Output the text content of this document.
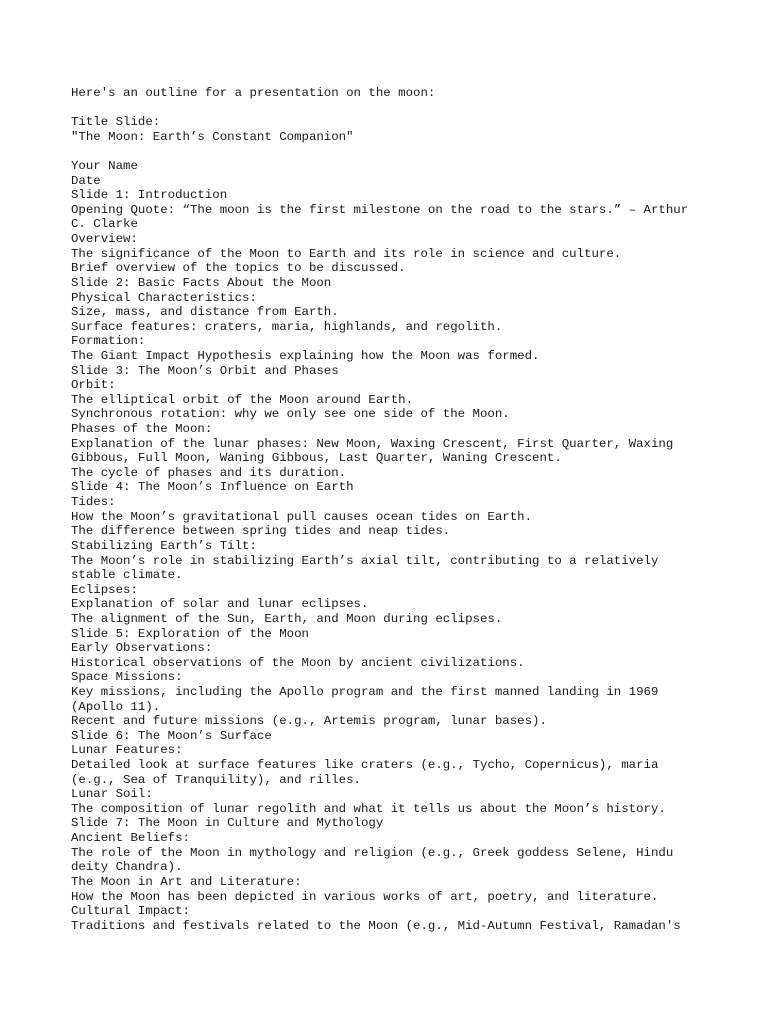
Here's an outline for a presentation on the moon:
Title Slide:
"The Moon: Earth’s Constant Companion"
Your Name
Date
Slide 1: Introduction
Opening Quote: “The moon is the first milestone on the road to the stars.” – Arthur
C. Clarke
Overview:
The significance of the Moon to Earth and its role in science and culture.
Brief overview of the topics to be discussed.
Slide 2: Basic Facts About the Moon
Physical Characteristics:
Size, mass, and distance from Earth.
Surface features: craters, maria, highlands, and regolith.
Formation:
The Giant Impact Hypothesis explaining how the Moon was formed.
Slide 3: The Moon’s Orbit and Phases
Orbit:
The elliptical orbit of the Moon around Earth.
Synchronous rotation: why we only see one side of the Moon.
Phases of the Moon:
Explanation of the lunar phases: New Moon, Waxing Crescent, First Quarter, Waxing
Gibbous, Full Moon, Waning Gibbous, Last Quarter, Waning Crescent.
The cycle of phases and its duration.
Slide 4: The Moon’s Influence on Earth
Tides:
How the Moon’s gravitational pull causes ocean tides on Earth.
The difference between spring tides and neap tides.
Stabilizing Earth’s Tilt:
The Moon’s role in stabilizing Earth’s axial tilt, contributing to a relatively
stable climate.
Eclipses:
Explanation of solar and lunar eclipses.
The alignment of the Sun, Earth, and Moon during eclipses.
Slide 5: Exploration of the Moon
Early Observations:
Historical observations of the Moon by ancient civilizations.
Space Missions:
Key missions, including the Apollo program and the first manned landing in 1969
(Apollo 11).
Recent and future missions (e.g., Artemis program, lunar bases).
Slide 6: The Moon’s Surface
Lunar Features:
Detailed look at surface features like craters (e.g., Tycho, Copernicus), maria
(e.g., Sea of Tranquility), and rilles.
Lunar Soil:
The composition of lunar regolith and what it tells us about the Moon’s history.
Slide 7: The Moon in Culture and Mythology
Ancient Beliefs:
The role of the Moon in mythology and religion (e.g., Greek goddess Selene, Hindu
deity Chandra).
The Moon in Art and Literature:
How the Moon has been depicted in various works of art, poetry, and literature.
Cultural Impact:
Traditions and festivals related to the Moon (e.g., Mid-Autumn Festival, Ramadan's
